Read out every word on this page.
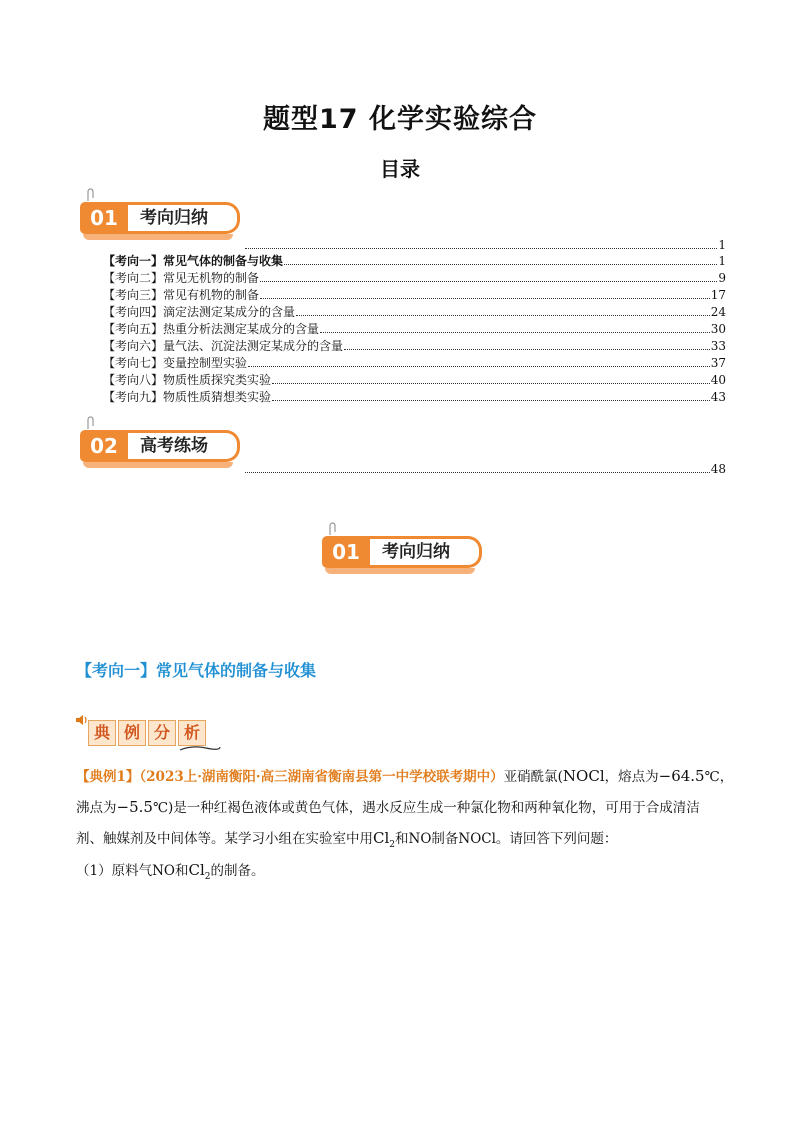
题型17 化学实验综合
目录
01	考向归纳
1
【考向一】常见气体的制备与收集	1
【考向二】常见无机物的制备	9
【考向三】常见有机物的制备	17
【考向四】滴定法测定某成分的含量	24
【考向五】热重分析法测定某成分的含量	30
【考向六】量气法、沉淀法测定某成分的含量	33
【考向七】变量控制型实验	37
【考向八】物质性质探究类实验	40
【考向九】物质性质猜想类实验	43
02	高考练场
48
01	考向归纳
【考向一】常见气体的制备与收集
典 例 分 析
【典例1】（2023上·湖南衡阳·高三湖南省衡南县第一中学校联考期中）亚硝酰氯(NOCl，熔点为−64.5℃，
沸点为−5.5℃)是一种红褐色液体或黄色气体，遇水反应生成一种氯化物和两种氧化物，可用于合成清洁
剂、触媒剂及中间体等。某学习小组在实验室中用$Cl_2$和NO制备NOCl。请回答下列问题：
（1）原料气NO和$Cl_2$的制备。
